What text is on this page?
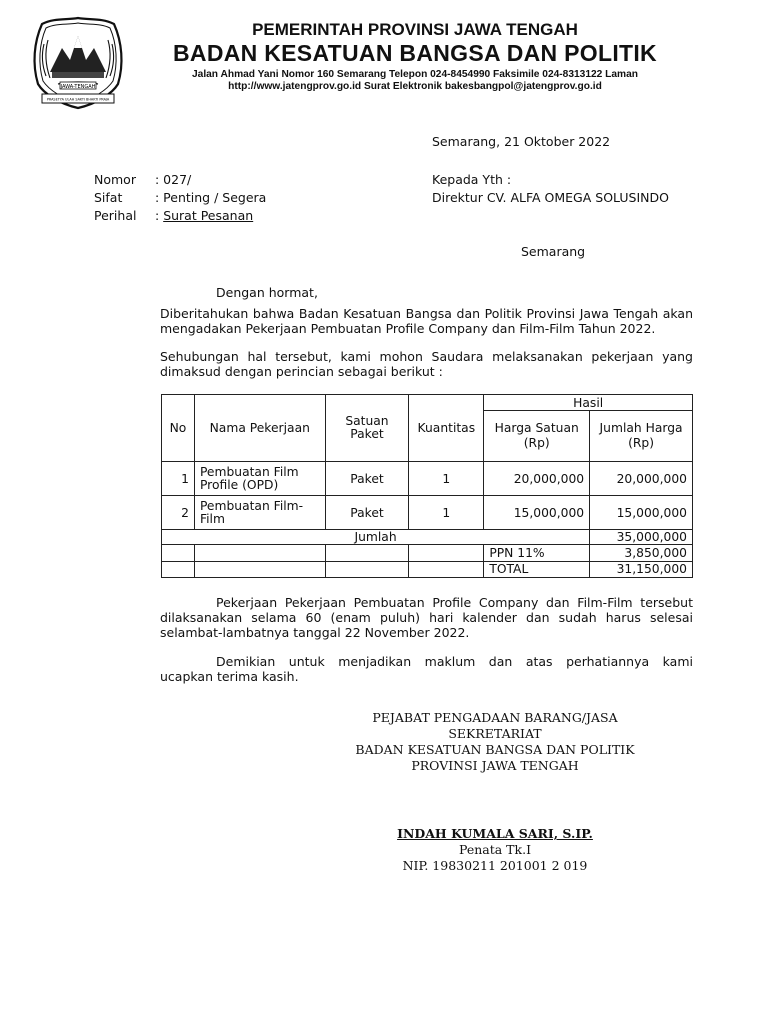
JAWA-TENGAH
PRASETYA ULAH SAKTI BHAKTI PRAJA
PEMERINTAH PROVINSI JAWA TENGAH
BADAN KESATUAN BANGSA DAN POLITIK
Jalan Ahmad Yani Nomor 160 Semarang Telepon 024-8454990 Faksimile 024-8313122 Laman
http://www.jatengprov.go.id Surat Elektronik bakesbangpol@jatengprov.go.id
Semarang, 21 Oktober 2022
Nomor : 027/
Sifat	: Penting / Segera
Perihal : Surat Pesanan
Kepada Yth :
Direktur CV. ALFA OMEGA SOLUSINDO
Semarang
Dengan hormat,
Diberitahukan bahwa Badan Kesatuan Bangsa dan Politik Provinsi Jawa Tengah akan
mengadakan Pekerjaan Pembuatan Profile Company dan Film-Film Tahun 2022.
Sehubungan hal tersebut, kami mohon Saudara melaksanakan pekerjaan yang
dimaksud dengan perincian sebagai berikut :
No	Nama Pekerjaan	Satuan Paket	Kuantitas	Hasil	
				Harga Satuan (Rp)	Jumlah Harga (Rp)
1	Pembuatan Film Profile (OPD)	Paket	1	20,000,000	20,000,000
2	Pembuatan Film-Film	Paket	1	15,000,000	15,000,000
Jumlah					35,000,000
				PPN 11%	3,850,000
				TOTAL	31,150,000
Pekerjaan Pekerjaan Pembuatan Profile Company dan Film-Film tersebut
dilaksanakan selama 60 (enam puluh) hari kalender dan sudah harus selesai
selambat-lambatnya tanggal 22 November 2022.
Demikian untuk menjadikan maklum dan atas perhatiannya kami
ucapkan terima kasih.
PEJABAT PENGADAAN BARANG/JASA
SEKRETARIAT
BADAN KESATUAN BANGSA DAN POLITIK
PROVINSI JAWA TENGAH
INDAH KUMALA SARI, S.IP.
Penata Tk.I
NIP. 19830211 201001 2 019
